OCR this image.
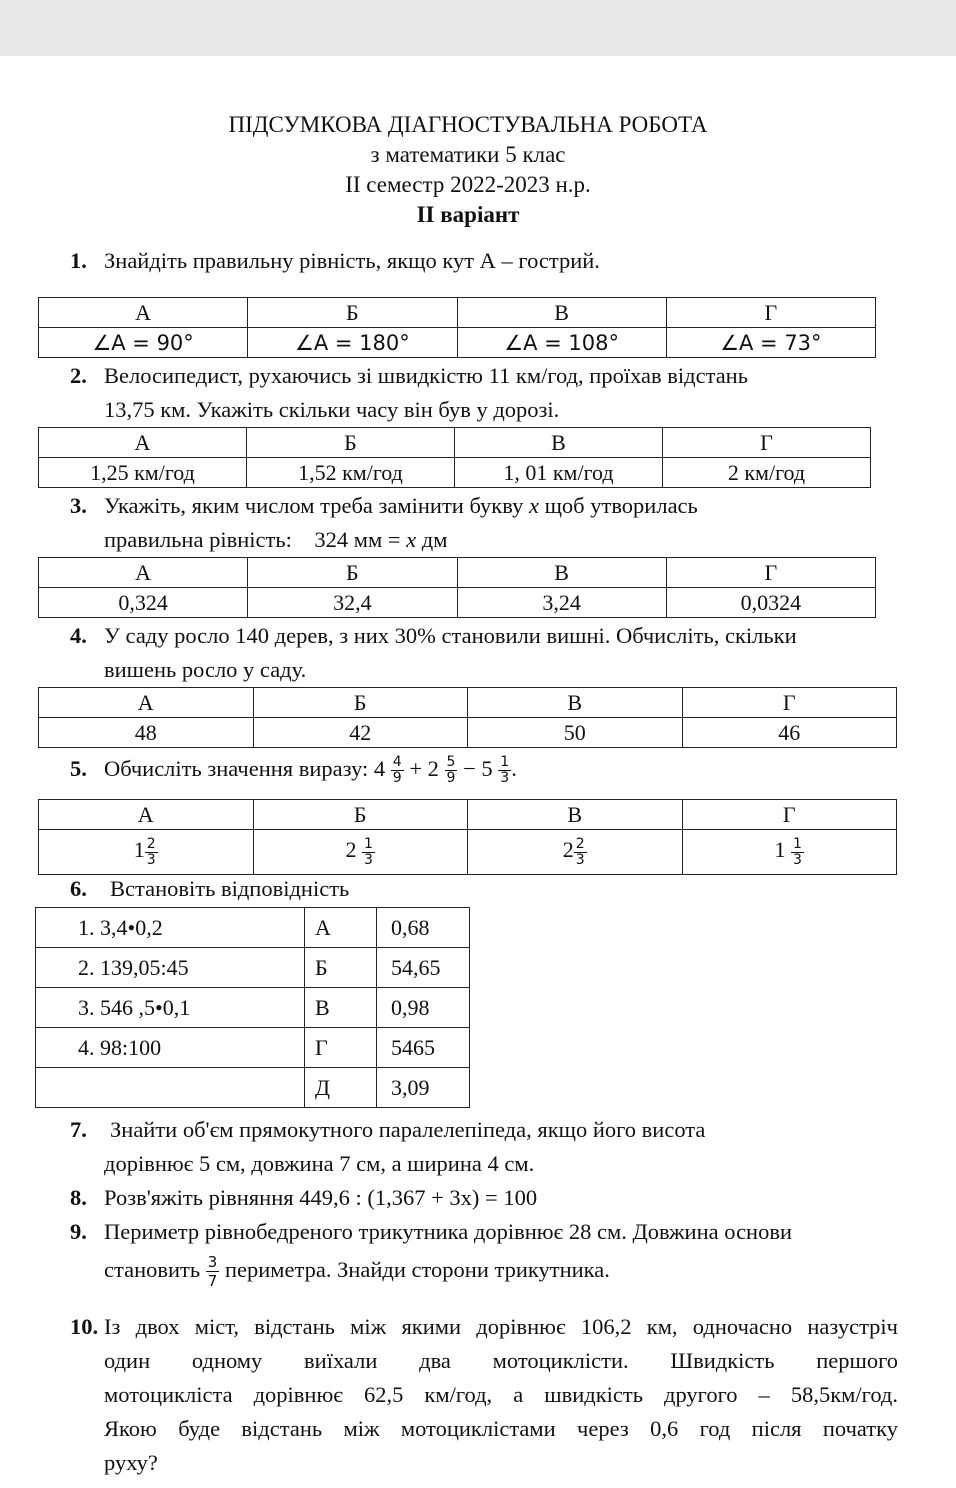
ПІДСУМКОВА ДІАГНОСТУВАЛЬНА РОБОТА
з математики 5 клас
ІІ семестр 2022-2023 н.р.
ІІ варіант
1. Знайдіть правильну рівність, якщо кут А – гострий.
А	Б	В	Г
∠A = 90°	∠A = 180°	∠A = 108°	∠A = 73°
2. Велосипедист, рухаючись зі швидкістю 11 км/год, проїхав відстань
13,75 км. Укажіть скільки часу він був у дорозі.
А	Б	В	Г
1,25 км/год	1,52 км/год	1, 01 км/год	2 км/год
3. Укажіть, яким числом треба замінити букву x щоб утворилась
правильна рівність:    324 мм = x дм
А	Б	В	Г
0,324	32,4	3,24	0,0324
4. У саду росло 140 дерев, з них 30% становили вишні. Обчисліть, скільки
вишень росло у саду.
А	Б	В	Г
48	42	50	46
5. Обчисліть значення виразу: $4 \frac{4}{9} + 2 \frac{5}{9} - 5 \frac{1}{3}$ .
А	Б	В	Г
$1 \frac{2}{3}$	$2 \frac{1}{3}$	$2 \frac{2}{3}$	$1 \frac{1}{3}$
6. Встановіть відповідність
1. 3,4•0,2	А	0,68
2. 139,05:45	Б	54,65
3. 546 ,5•0,1	В	0,98
4. 98:100	Г	5465
	Д	3,09
7. Знайти об'єм прямокутного паралелепіпеда, якщо його висота
дорівнює 5 см, довжина 7 см, а ширина 4 см.
8. Розв'яжіть рівняння 449,6 : (1,367 + 3х) = 100
9. Периметр рівнобедреного трикутника дорівнює 28 см. Довжина основи
становить $\frac{3}{7}$ периметра. Знайди сторони трикутника.
10. Із двох міст, відстань між якими дорівнює 106,2 км, одночасно назустріч
один одному виїхали два мотоциклісти. Швидкість першого
мотоцикліста дорівнює 62,5 км/год, а швидкість другого – 58,5км/год.
Якою буде відстань між мотоциклістами через 0,6 год після початку
руху?
